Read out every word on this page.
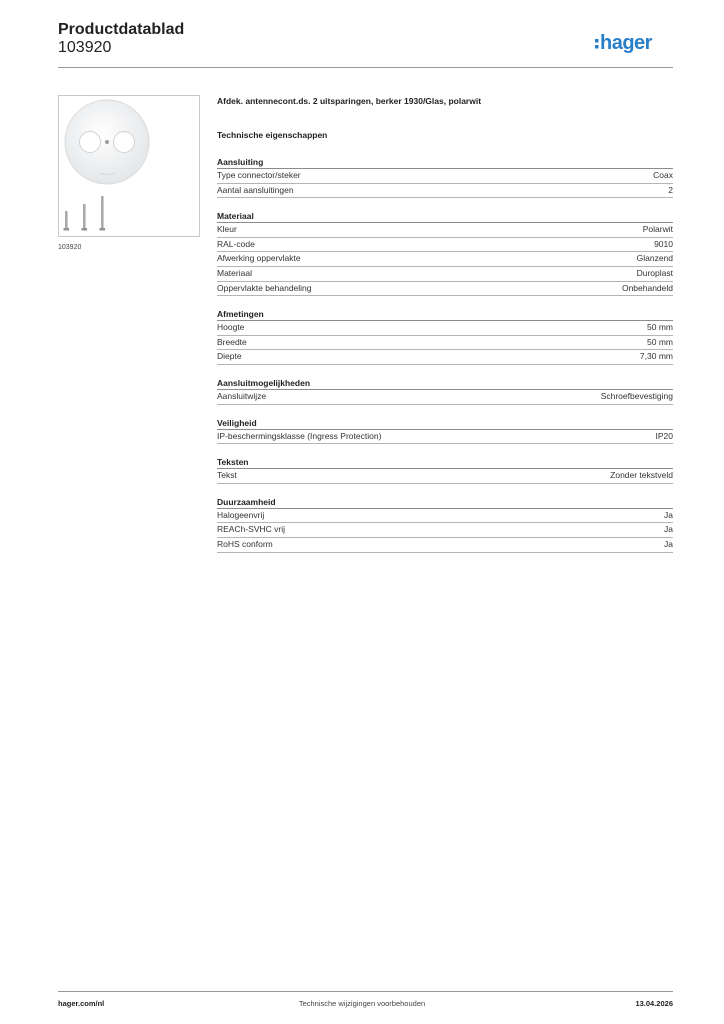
Productdatablad
103920	hager
103920
Afdek. antennecont.ds. 2 uitsparingen, berker 1930/Glas, polarwit
Technische eigenschappen
Aansluiting
Type connector/steker	Coax
Aantal aansluitingen	2
Materiaal
Kleur	Polarwit
RAL-code	9010
Afwerking oppervlakte	Glanzend
Materiaal	Duroplast
Oppervlakte behandeling	Onbehandeld
Afmetingen
Hoogte	50 mm
Breedte	50 mm
Diepte	7,30 mm
Aansluitmogelijkheden
Aansluitwijze	Schroefbevestiging
Veiligheid
IP-beschermingsklasse (Ingress Protection)	IP20
Teksten
Tekst	Zonder tekstveld
Duurzaamheid
Halogeenvrij	Ja
REACh-SVHC vrij	Ja
RoHS conform	Ja
hager.com/nl	Technische wijzigingen voorbehouden	13.04.2026
